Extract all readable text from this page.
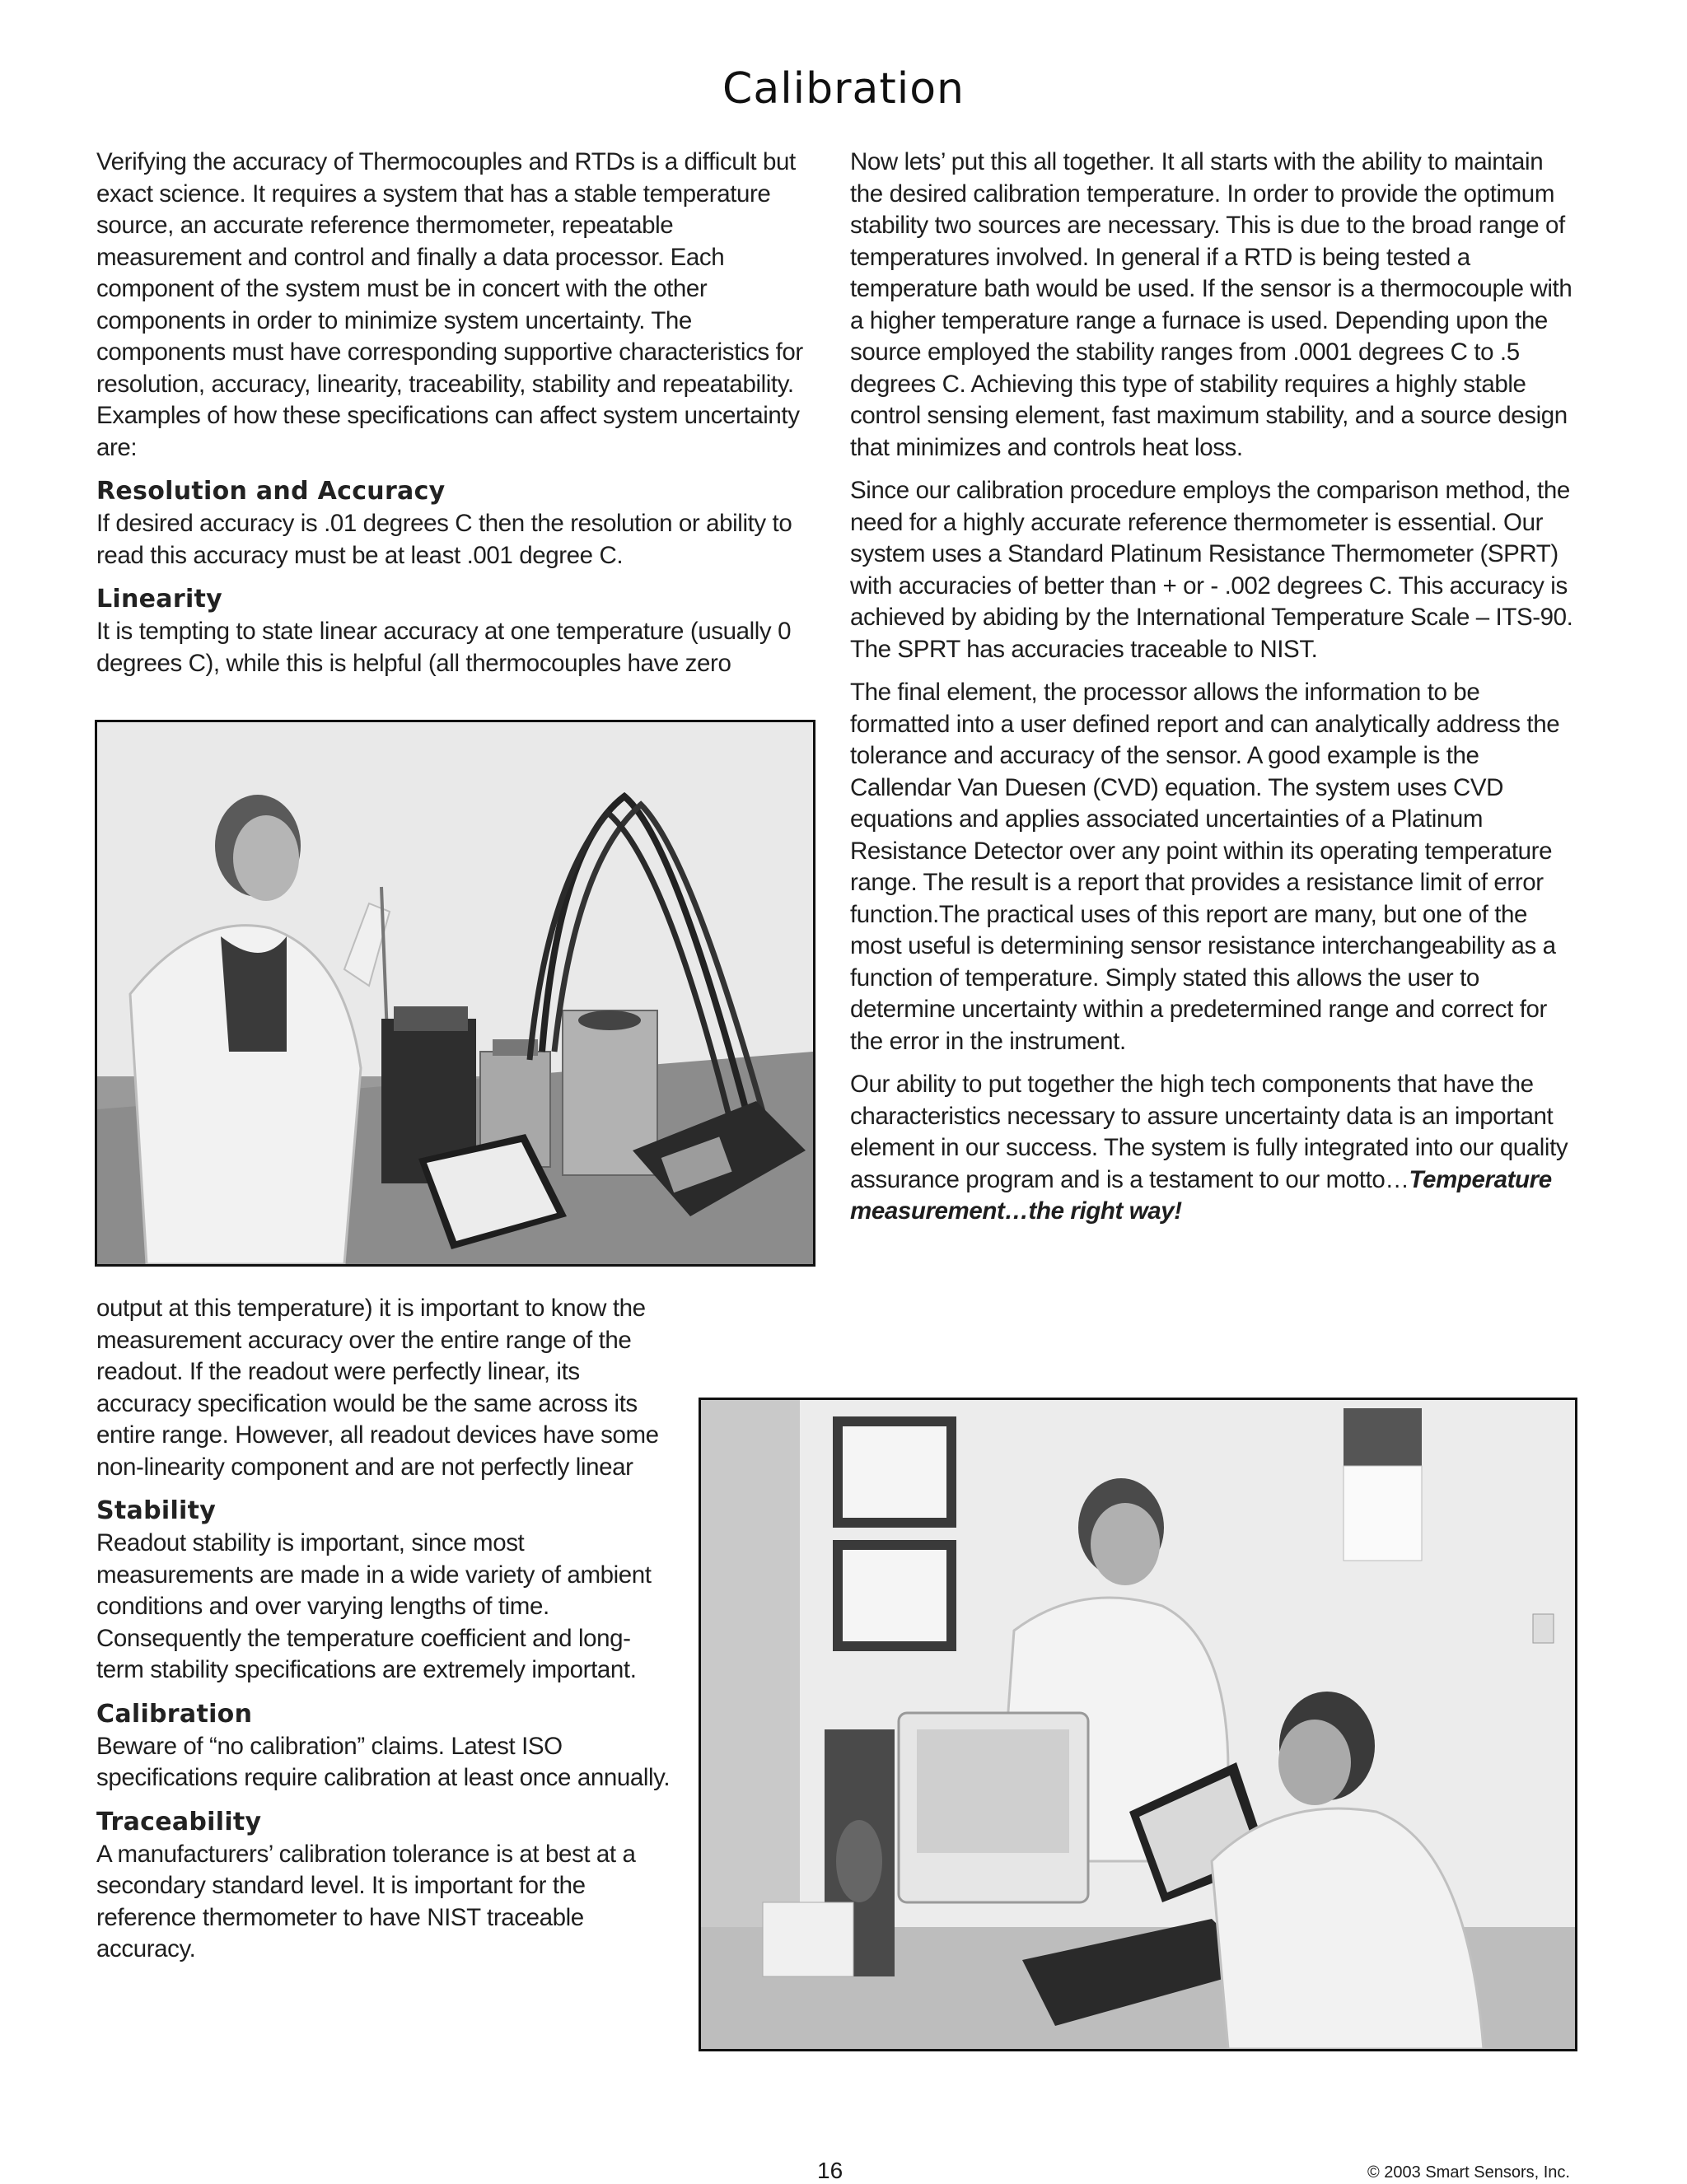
Calibration

Verifying the accuracy of Thermocouples and RTDs is a difficult but exact science. It requires a system that has a stable temperature source, an accurate reference thermometer, repeatable measurement and control and finally a data processor. Each component of the system must be in concert with the other components in order to minimize system uncertainty. The components must have corresponding supportive characteristics for resolution, accuracy, linearity, traceability, stability and repeatability. Examples of how these specifications can affect system uncertainty are:

Resolution and Accuracy

If desired accuracy is .01 degrees C then the resolution or ability to read this accuracy must be at least .001 degree C.

Linearity

It is tempting to state linear accuracy at one temperature (usually 0 degrees C), while this is helpful (all thermocouples have zero

output at this temperature) it is important to know the measurement accuracy over the entire range of the readout. If the readout were perfectly linear, its accuracy specification would be the same across its entire range. However, all readout devices have some non-linearity component and are not perfectly linear

Stability

Readout stability is important, since most measurements are made in a wide variety of ambient conditions and over varying lengths of time. Consequently the temperature coefficient and long-term stability specifications are extremely important.

Calibration

Beware of “no calibration” claims. Latest ISO specifications require calibration at least once annually.

Traceability

A manufacturers’ calibration tolerance is at best at a secondary standard level. It is important for the reference thermometer to have NIST traceable accuracy.

Now lets’ put this all together. It all starts with the ability to maintain the desired calibration temperature. In order to provide the optimum stability two sources are necessary. This is due to the broad range of temperatures involved. In general if a RTD is being tested a temperature bath would be used. If the sensor is a thermocouple with a higher temperature range a furnace is used. Depending upon the source employed the stability ranges from .0001 degrees C to .5 degrees C. Achieving this type of stability requires a highly stable control sensing element, fast maximum stability, and a source design that minimizes and controls heat loss.

Since our calibration procedure employs the comparison method, the need for a highly accurate reference thermometer is essential. Our system uses a Standard Platinum Resistance Thermometer (SPRT) with accuracies of better than + or - .002 degrees C. This accuracy is achieved by abiding by the International Temperature Scale – ITS-90. The SPRT has accuracies traceable to NIST.

The final element, the processor allows the information to be formatted into a user defined report and can analytically address the tolerance and accuracy of the sensor. A good example is the Callendar Van Duesen (CVD) equation. The system uses CVD equations and applies associated uncertainties of a Platinum Resistance Detector over any point within its operating temperature range. The result is a report that provides a resistance limit of error function.The practical uses of this report are many, but one of the most useful is determining sensor resistance interchangeability as a function of temperature. Simply stated this allows the user to determine uncertainty within a predetermined range and correct for the error in the instrument.

Our ability to put together the high tech components that have the characteristics necessary to assure uncertainty data is an important element in our success. The system is fully integrated into our quality assurance program and is a testament to our motto…Temperature measurement…the right way!

16	© 2003 Smart Sensors, Inc.
